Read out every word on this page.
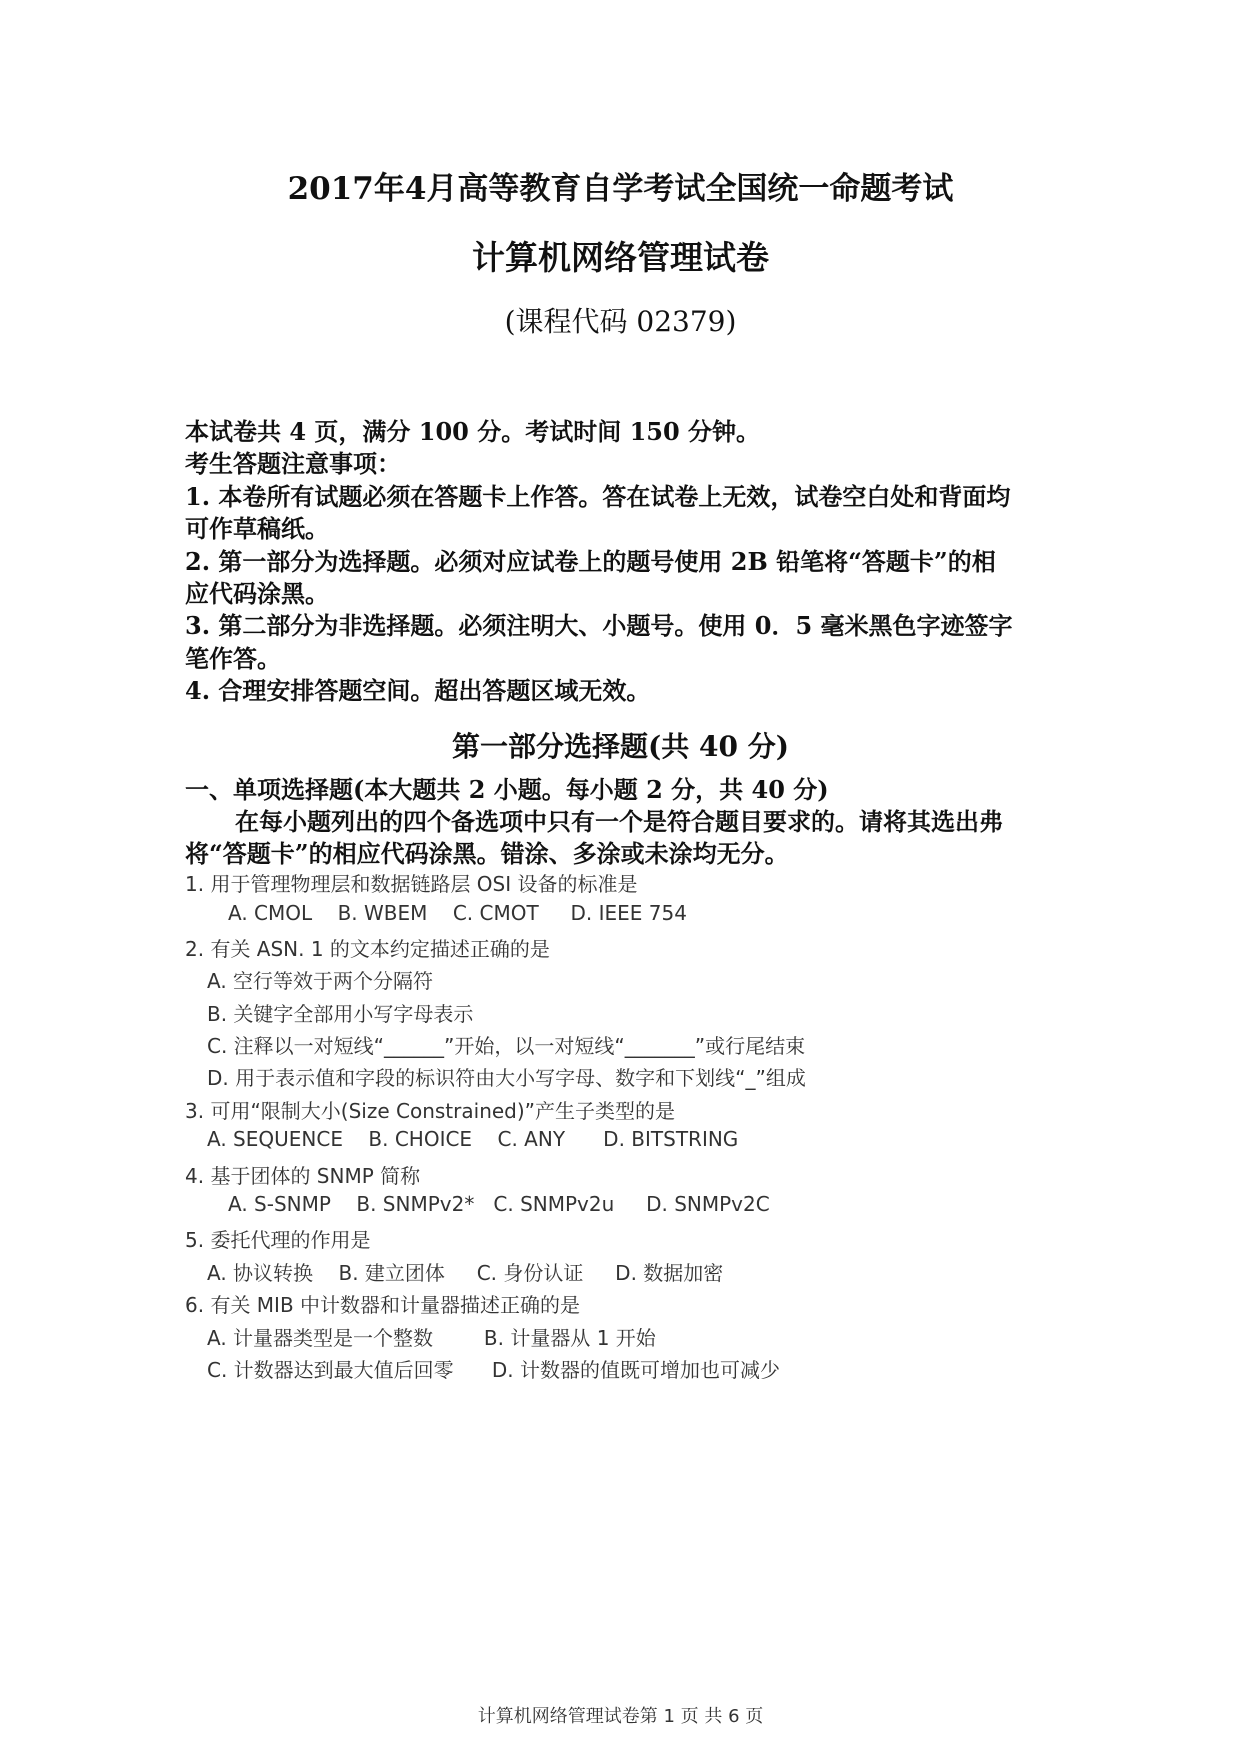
2017年4月高等教育自学考试全国统一命题考试
计算机网络管理试卷
(课程代码 02379)
本试卷共 4 页，满分 100 分。考试时间 150 分钟。
考生答题注意事项：
1. 本卷所有试题必须在答题卡上作答。答在试卷上无效，试卷空白处和背面均
可作草稿纸。
2. 第一部分为选择题。必须对应试卷上的题号使用 2B 铅笔将“答题卡”的相
应代码涂黑。
3. 第二部分为非选择题。必须注明大、小题号。使用 0．5 毫米黑色字迹签字
笔作答。
4. 合理安排答题空间。超出答题区域无效。
第一部分选择题(共 40 分)
一、单项选择题(本大题共 2 小题。每小题 2 分，共 40 分)
在每小题列出的四个备选项中只有一个是符合题目要求的。请将其选出弗
将“答题卡”的相应代码涂黑。错涂、多涂或未涂均无分。
1. 用于管理物理层和数据链路层 OSI 设备的标准是
A. CMOL    B. WBEM    C. CMOT     D. IEEE 754
2. 有关 ASN. 1 的文本约定描述正确的是
A. 空行等效于两个分隔符
B. 关键字全部用小写字母表示
C. 注释以一对短线“______”开始，以一对短线“_______”或行尾结束
D. 用于表示值和字段的标识符由大小写字母、数字和下划线“_”组成
3. 可用“限制大小(Size Constrained)”产生子类型的是
A. SEQUENCE    B. CHOICE    C. ANY      D. BITSTRING
4. 基于团体的 SNMP 简称
A. S-SNMP    B. SNMPv2*   C. SNMPv2u     D. SNMPv2C
5. 委托代理的作用是
A. 协议转换    B. 建立团体     C. 身份认证     D. 数据加密
6. 有关 MIB 中计数器和计量器描述正确的是
A. 计量器类型是一个整数        B. 计量器从 1 开始
C. 计数器达到最大值后回零      D. 计数器的值既可增加也可减少
计算机网络管理试卷第 1 页 共 6 页
